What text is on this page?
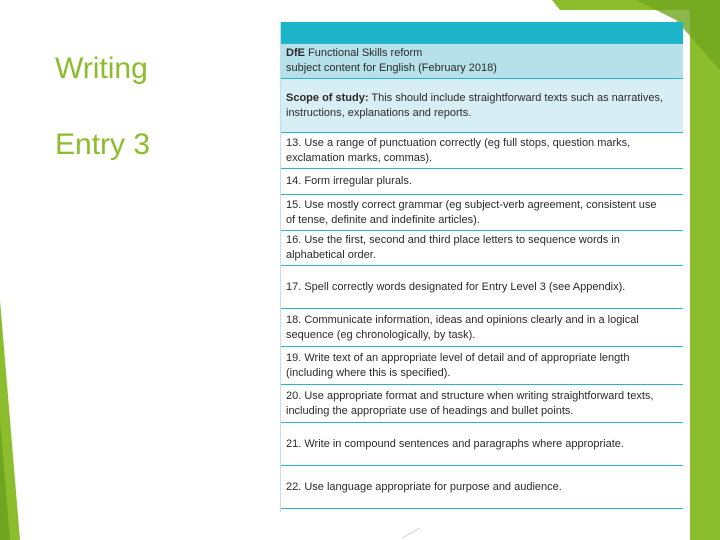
Writing
Entry 3
DfE Functional Skills reform
subject content for English (February 2018)
Scope of study: This should include straightforward texts such as narratives,
instructions, explanations and reports.
13. Use a range of punctuation correctly (eg full stops, question marks,
exclamation marks, commas).
14. Form irregular plurals.
15. Use mostly correct grammar (eg subject-verb agreement, consistent use
of tense, definite and indefinite articles).
16. Use the first, second and third place letters to sequence words in
alphabetical order.
17. Spell correctly words designated for Entry Level 3 (see Appendix).
18. Communicate information, ideas and opinions clearly and in a logical
sequence (eg chronologically, by task).
19. Write text of an appropriate level of detail and of appropriate length
(including where this is specified).
20. Use appropriate format and structure when writing straightforward texts,
including the appropriate use of headings and bullet points.
21. Write in compound sentences and paragraphs where appropriate.
22. Use language appropriate for purpose and audience.
